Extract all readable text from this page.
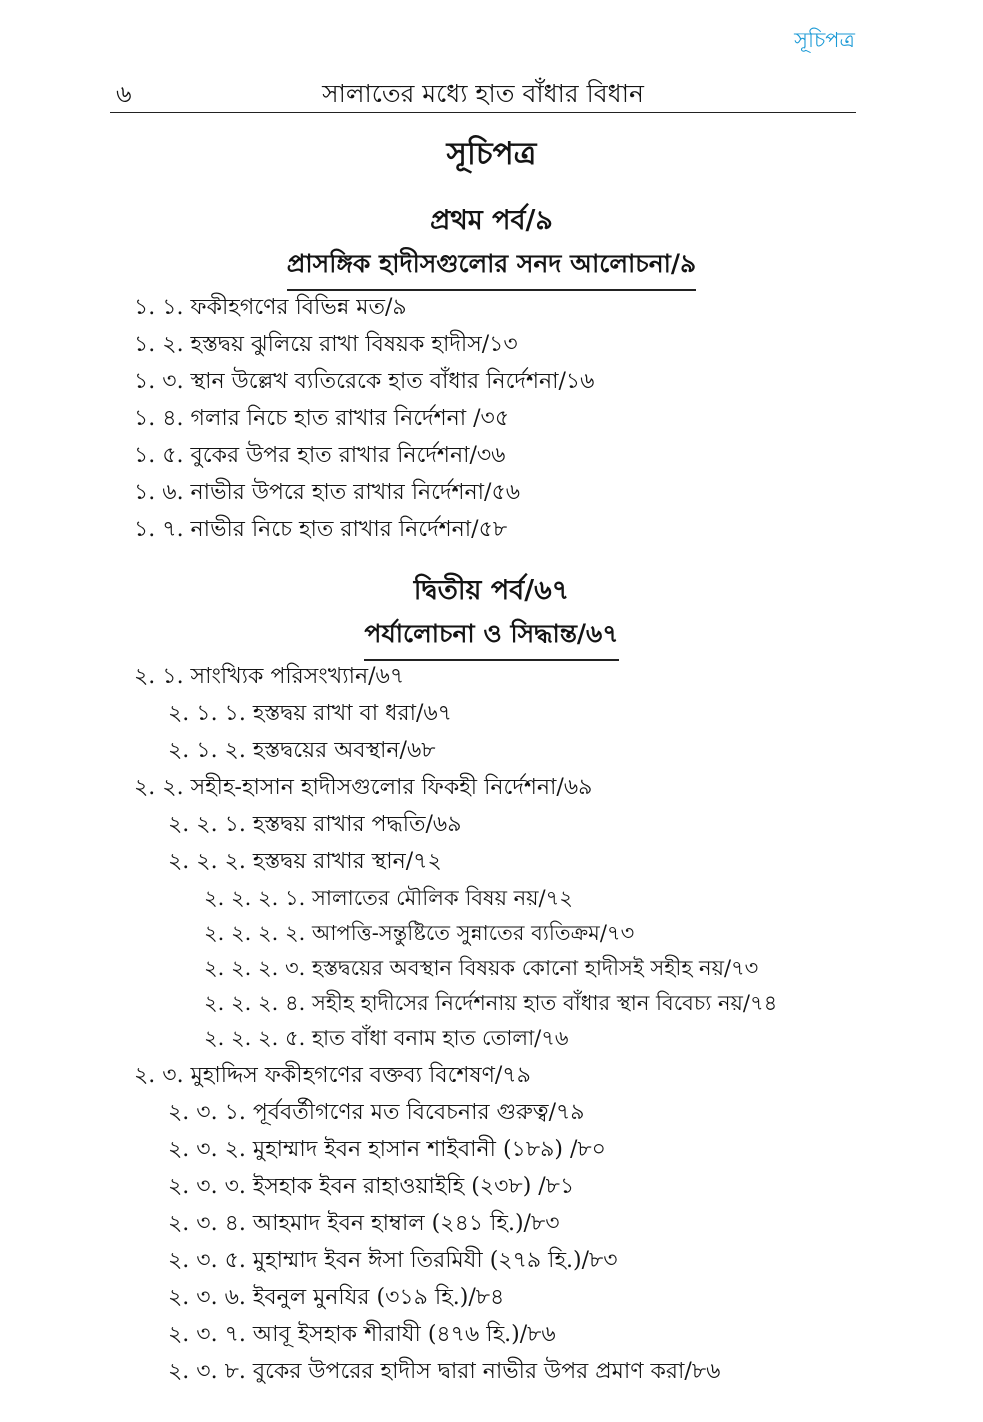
সূচিপত্র
৬	সালাতের মধ্যে হাত বাঁধার বিধান
সূচিপত্র
প্রথম পর্ব/৯
প্রাসঙ্গিক হাদীসগুলোর সনদ আলোচনা/৯
১. ১. ফকীহগণের বিভিন্ন মত/৯
১. ২. হস্তদ্বয় ঝুলিয়ে রাখা বিষয়ক হাদীস/১৩
১. ৩. স্থান উল্লেখ ব্যতিরেকে হাত বাঁধার নির্দেশনা/১৬
১. ৪. গলার নিচে হাত রাখার নির্দেশনা /৩৫
১. ৫. বুকের উপর হাত রাখার নির্দেশনা/৩৬
১. ৬. নাভীর উপরে হাত রাখার নির্দেশনা/৫৬
১. ৭. নাভীর নিচে হাত রাখার নির্দেশনা/৫৮
দ্বিতীয় পর্ব/৬৭
পর্যালোচনা ও সিদ্ধান্ত/৬৭
২. ১. সাংখ্যিক পরিসংখ্যান/৬৭
২. ১. ১. হস্তদ্বয় রাখা বা ধরা/৬৭
২. ১. ২. হস্তদ্বয়ের অবস্থান/৬৮
২. ২. সহীহ-হাসান হাদীসগুলোর ফিকহী নির্দেশনা/৬৯
২. ২. ১. হস্তদ্বয় রাখার পদ্ধতি/৬৯
২. ২. ২. হস্তদ্বয় রাখার স্থান/৭২
২. ২. ২. ১. সালাতের মৌলিক বিষয় নয়/৭২
২. ২. ২. ২. আপত্তি-সন্তুষ্টিতে সুন্নাতের ব্যতিক্রম/৭৩
২. ২. ২. ৩. হস্তদ্বয়ের অবস্থান বিষয়ক কোনো হাদীসই সহীহ নয়/৭৩
২. ২. ২. ৪. সহীহ হাদীসের নির্দেশনায় হাত বাঁধার স্থান বিবেচ্য নয়/৭৪
২. ২. ২. ৫. হাত বাঁধা বনাম হাত তোলা/৭৬
২. ৩. মুহাদ্দিস ফকীহগণের বক্তব্য বিশেষণ/৭৯
২. ৩. ১. পূর্ববর্তীগণের মত বিবেচনার গুরুত্ব/৭৯
২. ৩. ২. মুহাম্মাদ ইবন হাসান শাইবানী (১৮৯) /৮০
২. ৩. ৩. ইসহাক ইবন রাহাওয়াইহি (২৩৮) /৮১
২. ৩. ৪. আহমাদ ইবন হাম্বাল (২৪১ হি.)/৮৩
২. ৩. ৫. মুহাম্মাদ ইবন ঈসা তিরমিযী (২৭৯ হি.)/৮৩
২. ৩. ৬. ইবনুল মুনযির (৩১৯ হি.)/৮৪
২. ৩. ৭. আবূ ইসহাক শীরাযী (৪৭৬ হি.)/৮৬
২. ৩. ৮. বুকের উপরের হাদীস দ্বারা নাভীর উপর প্রমাণ করা/৮৬
